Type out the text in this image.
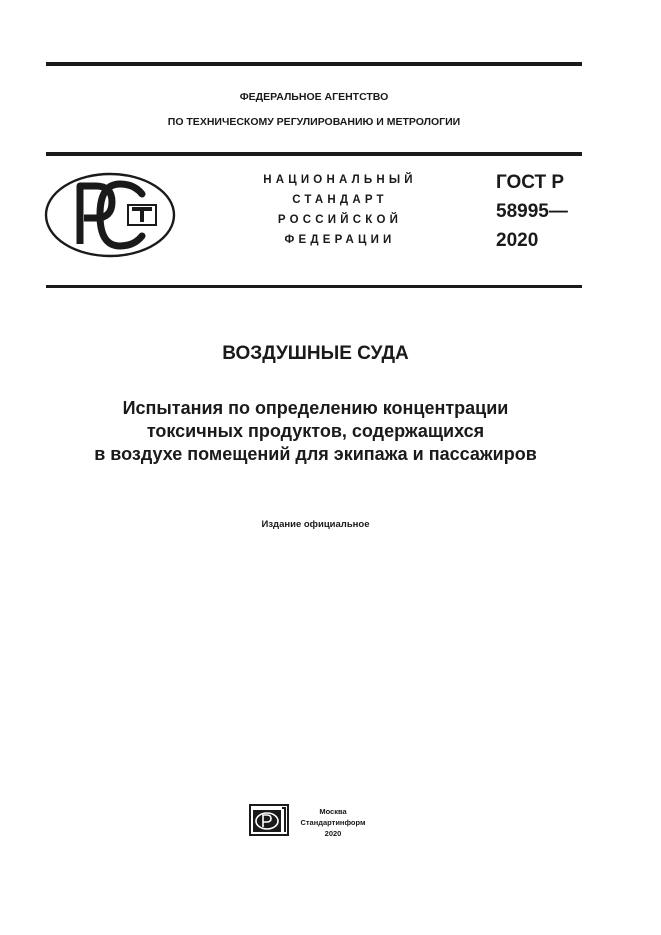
ФЕДЕРАЛЬНОЕ АГЕНТСТВО
ПО ТЕХНИЧЕСКОМУ РЕГУЛИРОВАНИЮ И МЕТРОЛОГИИ
НАЦИОНАЛЬНЫЙ
СТАНДАРТ
РОССИЙСКОЙ
ФЕДЕРАЦИИ
ГОСТ Р
58995—
2020
ВОЗДУШНЫЕ СУДА
Испытания по определению концентрации
токсичных продуктов, содержащихся
в воздухе помещений для экипажа и пассажиров
Издание официальное
Москва
Стандартинформ
2020
